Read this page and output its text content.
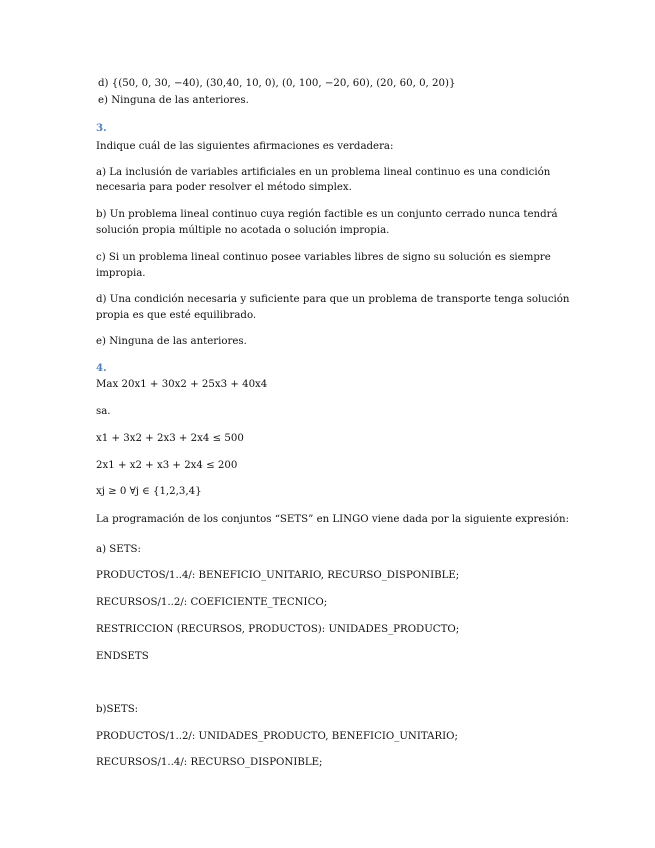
d) {(50, 0, 30, −40), (30,40, 10, 0), (0, 100, −20, 60), (20, 60, 0, 20)}
e) Ninguna de las anteriores.
3.
Indique cuál de las siguientes afirmaciones es verdadera:
a) La inclusión de variables artificiales en un problema lineal continuo es una condición
necesaria para poder resolver el método simplex.
b) Un problema lineal continuo cuya región factible es un conjunto cerrado nunca tendrá
solución propia múltiple no acotada o solución impropia.
c) Si un problema lineal continuo posee variables libres de signo su solución es siempre
impropia.
d) Una condición necesaria y suficiente para que un problema de transporte tenga solución
propia es que esté equilibrado.
e) Ninguna de las anteriores.
4.
Max 20x1 + 30x2 + 25x3 + 40x4
sa.
x1 + 3x2 + 2x3 + 2x4 ≤ 500
2x1 + x2 + x3 + 2x4 ≤ 200
xj ≥ 0 ∀j ∈ {1,2,3,4}
La programación de los conjuntos “SETS” en LINGO viene dada por la siguiente expresión:
a) SETS:
PRODUCTOS/1..4/: BENEFICIO_UNITARIO, RECURSO_DISPONIBLE;
RECURSOS/1..2/: COEFICIENTE_TECNICO;
RESTRICCION (RECURSOS, PRODUCTOS): UNIDADES_PRODUCTO;
ENDSETS
b)SETS:
PRODUCTOS/1..2/: UNIDADES_PRODUCTO, BENEFICIO_UNITARIO;
RECURSOS/1..4/: RECURSO_DISPONIBLE;
